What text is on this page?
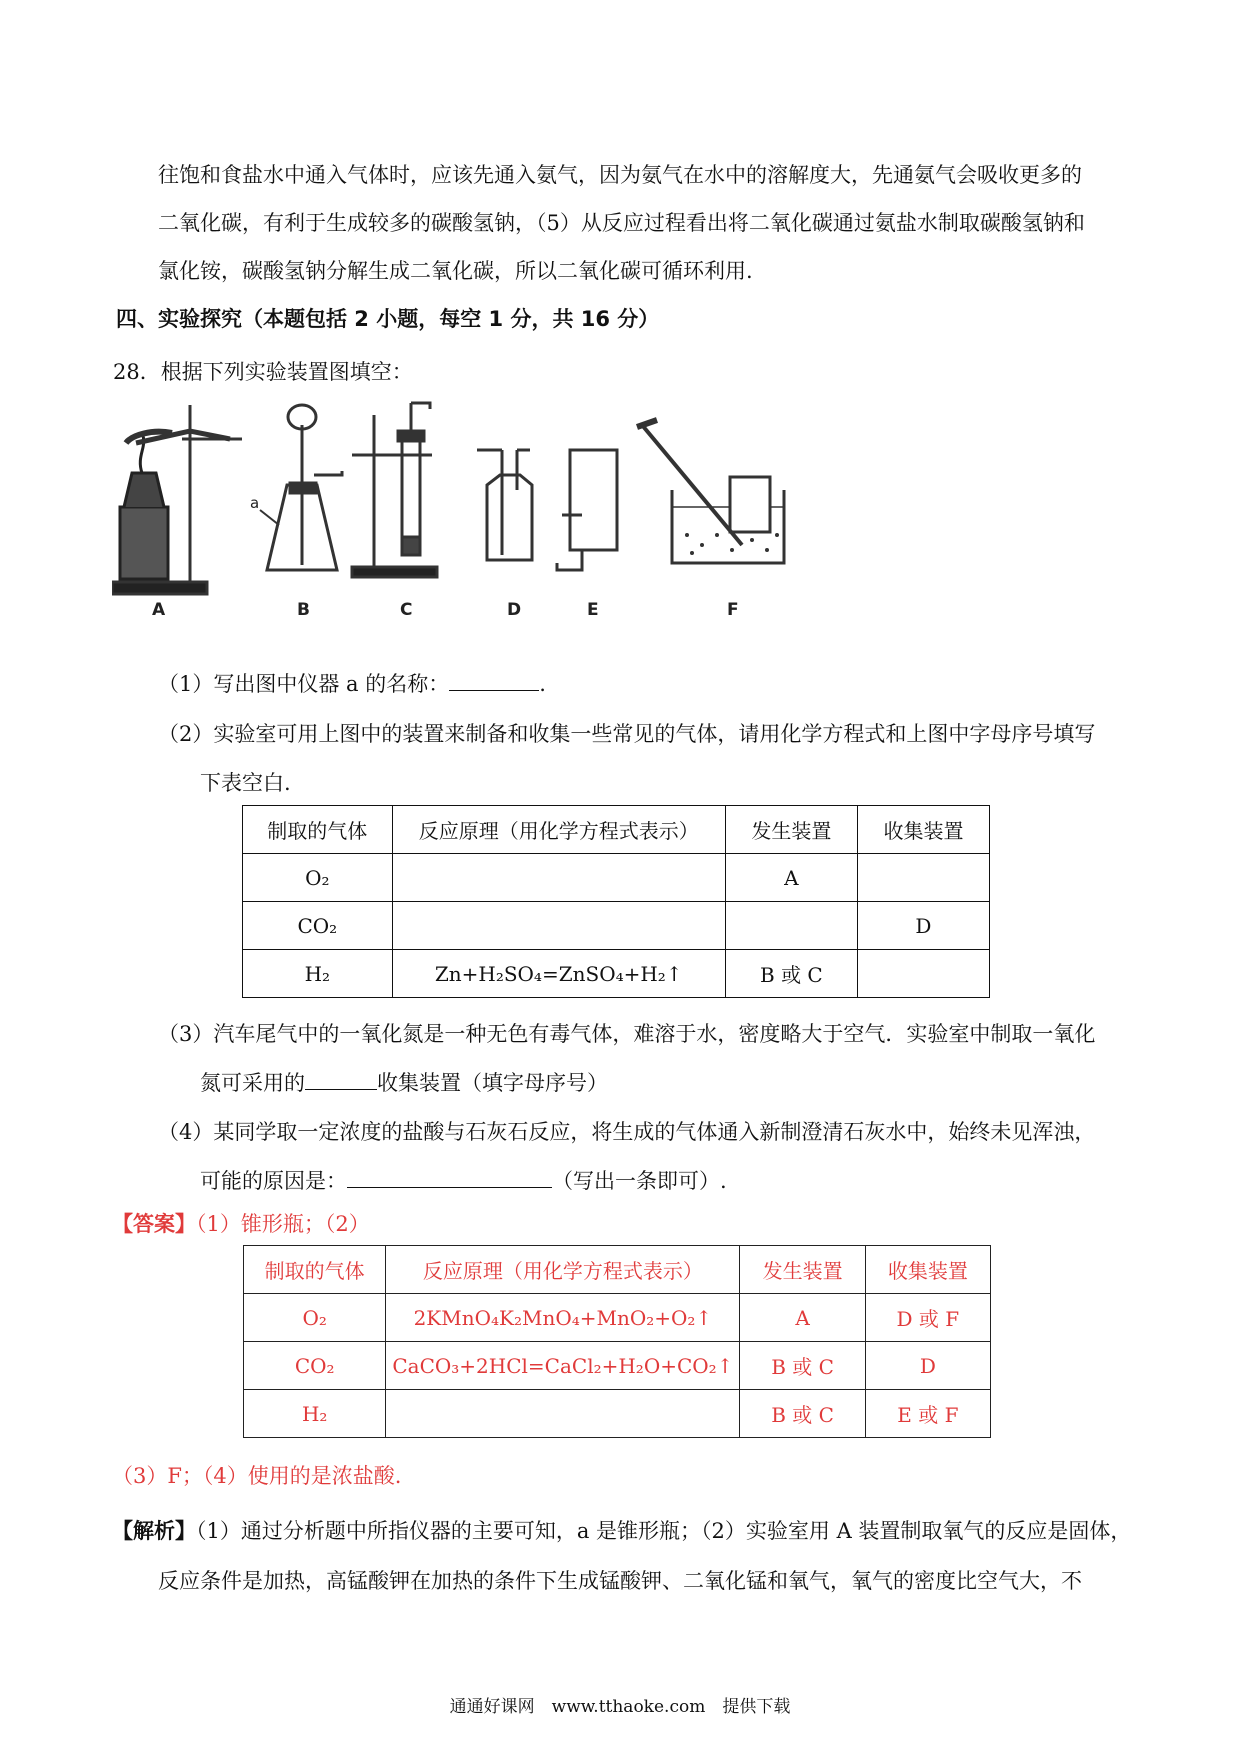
往饱和食盐水中通入气体时，应该先通入氨气，因为氨气在水中的溶解度大，先通氨气会吸收更多的
二氧化碳，有利于生成较多的碳酸氢钠，（5）从反应过程看出将二氧化碳通过氨盐水制取碳酸氢钠和
氯化铵，碳酸氢钠分解生成二氧化碳，所以二氧化碳可循环利用.
四、实验探究（本题包括 2 小题，每空 1 分，共 16 分）
28．根据下列实验装置图填空：
A	B	C	D	E	F
a
（1）写出图中仪器 a 的名称：	.
（2）实验室可用上图中的装置来制备和收集一些常见的气体，请用化学方程式和上图中字母序号填写
下表空白.
制取的气体	反应原理（用化学方程式表示）	发生装置	收集装置
O₂		A	
CO₂			D
H₂	Zn+H₂SO₄=ZnSO₄+H₂↑	B 或 C	
（3）汽车尾气中的一氧化氮是一种无色有毒气体，难溶于水，密度略大于空气．实验室中制取一氧化
氮可采用的	收集装置（填字母序号）
（4）某同学取一定浓度的盐酸与石灰石反应，将生成的气体通入新制澄清石灰水中，始终未见浑浊，
可能的原因是：	（写出一条即可）.
【答案】（1）锥形瓶；（2）
制取的气体	反应原理（用化学方程式表示）	发生装置	收集装置
O₂	2KMnO₄K₂MnO₄+MnO₂+O₂↑	A	D 或 F
CO₂	CaCO₃+2HCl=CaCl₂+H₂O+CO₂↑	B 或 C	D
H₂		B 或 C	E 或 F
（3）F；（4）使用的是浓盐酸.
【解析】（1）通过分析题中所指仪器的主要可知，a 是锥形瓶；（2）实验室用 A 装置制取氧气的反应是固体，
反应条件是加热，高锰酸钾在加热的条件下生成锰酸钾、二氧化锰和氧气，氧气的密度比空气大，不
通通好课网　www.tthaoke.com　提供下载
